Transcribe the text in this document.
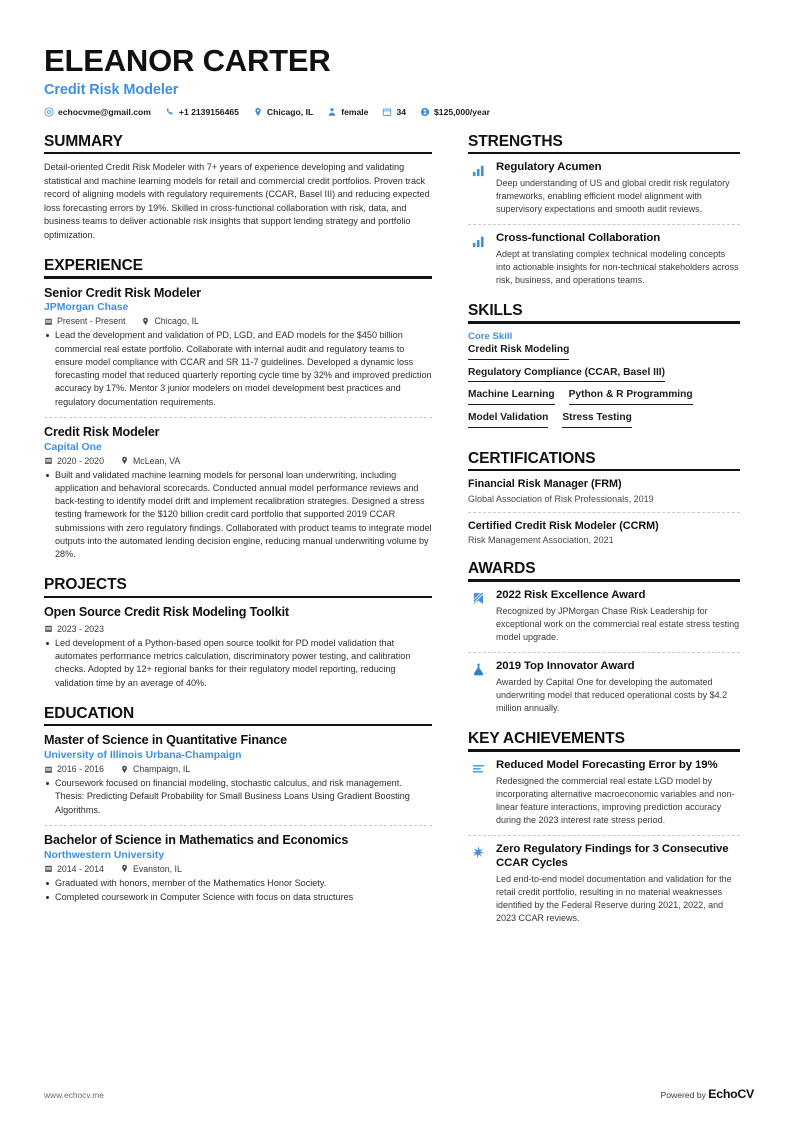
ELEANOR CARTER
Credit Risk Modeler
echocvme@gmail.com	+1 2139156465	Chicago, IL	female	34	$125,000/year
SUMMARY
Detail-oriented Credit Risk Modeler with 7+ years of experience developing and validating statistical and machine learning models for retail and commercial credit portfolios. Proven track record of aligning models with regulatory requirements (CCAR, Basel III) and reducing expected loss forecasting errors by 19%. Skilled in cross-functional collaboration with risk, data, and business teams to deliver actionable risk insights that support lending strategy and portfolio optimization.
EXPERIENCE
Senior Credit Risk Modeler
JPMorgan Chase
Present - Present	Chicago, IL
Lead the development and validation of PD, LGD, and EAD models for the $450 billion commercial real estate portfolio. Collaborate with internal audit and regulatory teams to ensure model compliance with CCAR and SR 11-7 guidelines. Developed a dynamic loss forecasting model that reduced quarterly reporting cycle time by 32% and improved prediction accuracy by 17%. Mentor 3 junior modelers on model development best practices and regulatory documentation requirements.
Credit Risk Modeler
Capital One
2020 - 2020	McLean, VA
Built and validated machine learning models for personal loan underwriting, including application and behavioral scorecards. Conducted annual model performance reviews and back-testing to identify model drift and implement recalibration strategies. Designed a stress testing framework for the $120 billion credit card portfolio that supported 2019 CCAR submissions with zero regulatory findings. Collaborated with product teams to integrate model outputs into the automated lending decision engine, reducing manual underwriting volume by 28%.
PROJECTS
Open Source Credit Risk Modeling Toolkit
2023 - 2023
Led development of a Python-based open source toolkit for PD model validation that automates performance metrics calculation, discriminatory power testing, and calibration checks. Adopted by 12+ regional banks for their regulatory model reporting, reducing validation time by an average of 40%.
EDUCATION
Master of Science in Quantitative Finance
University of Illinois Urbana-Champaign
2016 - 2016	Champaign, IL
Coursework focused on financial modeling, stochastic calculus, and risk management. Thesis: Predicting Default Probability for Small Business Loans Using Gradient Boosting Algorithms.
Bachelor of Science in Mathematics and Economics
Northwestern University
2014 - 2014	Evanston, IL
Graduated with honors, member of the Mathematics Honor Society.
Completed coursework in Computer Science with focus on data structures
STRENGTHS
Regulatory Acumen
Deep understanding of US and global credit risk regulatory frameworks, enabling efficient model alignment with supervisory expectations and smooth audit reviews.
Cross-functional Collaboration
Adept at translating complex technical modeling concepts into actionable insights for non-technical stakeholders across risk, business, and operations teams.
SKILLS
Core Skill
Credit Risk Modeling
Regulatory Compliance (CCAR, Basel III)
Machine Learning Python & R Programming
Model Validation Stress Testing
CERTIFICATIONS
Financial Risk Manager (FRM)
Global Association of Risk Professionals, 2019
Certified Credit Risk Modeler (CCRM)
Risk Management Association, 2021
AWARDS
2022 Risk Excellence Award
Recognized by JPMorgan Chase Risk Leadership for exceptional work on the commercial real estate stress testing model upgrade.
2019 Top Innovator Award
Awarded by Capital One for developing the automated underwriting model that reduced operational costs by $4.2 million annually.
KEY ACHIEVEMENTS
Reduced Model Forecasting Error by 19%
Redesigned the commercial real estate LGD model by incorporating alternative macroeconomic variables and non-linear feature interactions, improving prediction accuracy during the 2023 interest rate stress period.
Zero Regulatory Findings for 3 Consecutive CCAR Cycles
Led end-to-end model documentation and validation for the retail credit portfolio, resulting in no material weaknesses identified by the Federal Reserve during 2021, 2022, and 2023 CCAR reviews.
www.echocv.me	Powered by EchoCV
